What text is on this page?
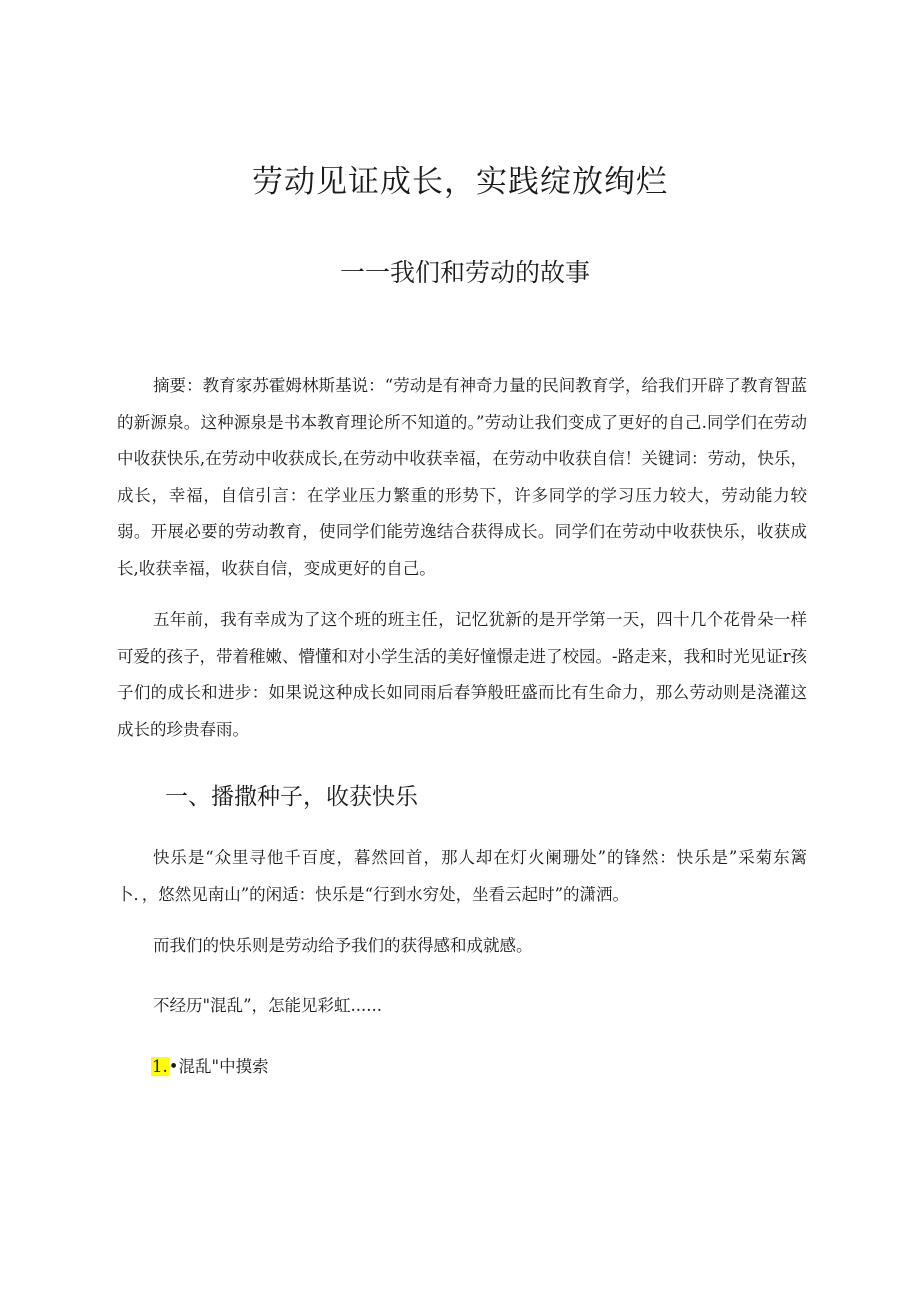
劳动见证成长，实践绽放绚烂
一一我们和劳动的故事

摘要：教育家苏霍姆林斯基说：“劳动是有神奇力量的民间教育学，给我们开辟了教育智蓝的新源泉。这种源泉是书本教育理论所不知道的。”劳动让我们变成了更好的自己.同学们在劳动中收获快乐,在劳动中收获成长,在劳动中收获幸福，在劳动中收获自信！关键词：劳动，快乐，成长，幸福，自信引言：在学业压力繁重的形势下，许多同学的学习压力较大，劳动能力较弱。开展必要的劳动教育，使同学们能劳逸结合获得成长。同学们在劳动中收获快乐，收获成长,收获幸福，收获自信，变成更好的自己。

五年前，我有幸成为了这个班的班主任，记忆犹新的是开学第一天，四十几个花骨朵一样可爱的孩子，带着稚嫩、懵懂和对小学生活的美好憧憬走进了校园。-路走来，我和时光见证r孩子们的成长和进步：如果说这种成长如同雨后春笋般旺盛而比有生命力，那么劳动则是浇灌这成长的珍贵春雨。

一、播撒种子，收获快乐

快乐是“众里寻他千百度，暮然回首，那人却在灯火阑珊处”的锋然：快乐是”采菊东篱卜．，悠然见南山”的闲适：快乐是“行到水穷处，坐看云起时”的潇洒。

而我们的快乐则是劳动给予我们的获得感和成就感。

不经历"混乱”，怎能见彩虹......

1.•混乱"中摸索
